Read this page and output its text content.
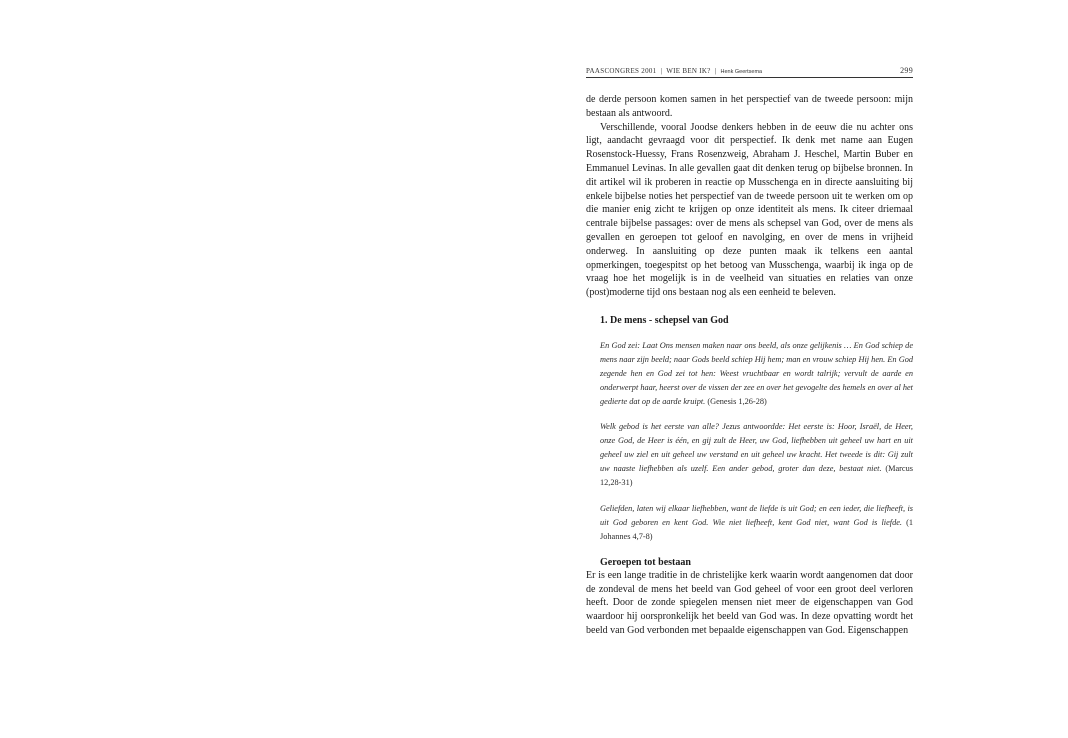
PAASCONGRES 2001 | WIE BEN IK? | Henk Geertsema	299

de derde persoon komen samen in het perspectief van de tweede persoon: mijn bestaan als antwoord.

Verschillende, vooral Joodse denkers hebben in de eeuw die nu achter ons ligt, aandacht gevraagd voor dit perspectief. Ik denk met name aan Eugen Rosenstock-Huessy, Frans Rosenzweig, Abraham J. Heschel, Martin Buber en Emmanuel Levinas. In alle gevallen gaat dit denken terug op bijbelse bronnen. In dit artikel wil ik proberen in reactie op Musschenga en in directe aansluiting bij enkele bijbelse noties het perspectief van de tweede persoon uit te werken om op die manier enig zicht te krijgen op onze identiteit als mens. Ik citeer driemaal centrale bijbelse passages: over de mens als schepsel van God, over de mens als gevallen en geroepen tot geloof en navolging, en over de mens in vrijheid onderweg. In aansluiting op deze punten maak ik telkens een aantal opmerkingen, toegespitst op het betoog van Musschenga, waarbij ik inga op de vraag hoe het mogelijk is in de veelheid van situaties en relaties van onze (post)moderne tijd ons bestaan nog als een eenheid te beleven.

1. De mens - schepsel van God
En God zei: Laat Ons mensen maken naar ons beeld, als onze gelijkenis … En God schiep de mens naar zijn beeld; naar Gods beeld schiep Hij hem; man en vrouw schiep Hij hen. En God zegende hen en God zei tot hen: Weest vruchtbaar en wordt talrijk; vervult de aarde en onderwerpt haar, heerst over de vissen der zee en over het gevogelte des hemels en over al het gedierte dat op de aarde kruipt. (Genesis 1,26-28)
Welk gebod is het eerste van alle? Jezus antwoordde: Het eerste is: Hoor, Israël, de Heer, onze God, de Heer is één, en gij zult de Heer, uw God, liefhebben uit geheel uw hart en uit geheel uw ziel en uit geheel uw verstand en uit geheel uw kracht. Het tweede is dit: Gij zult uw naaste liefhebben als uzelf. Een ander gebod, groter dan deze, bestaat niet. (Marcus 12,28-31)
Geliefden, laten wij elkaar liefhebben, want de liefde is uit God; en een ieder, die liefheeft, is uit God geboren en kent God. Wie niet liefheeft, kent God niet, want God is liefde. (1 Johannes 4,7-8)
Geroepen tot bestaan

Er is een lange traditie in de christelijke kerk waarin wordt aangenomen dat door de zondeval de mens het beeld van God geheel of voor een groot deel verloren heeft. Door de zonde spiegelen mensen niet meer de eigenschappen van God waardoor hij oorspronkelijk het beeld van God was. In deze opvatting wordt het beeld van God verbonden met bepaalde eigenschappen van God. Eigenschappen
